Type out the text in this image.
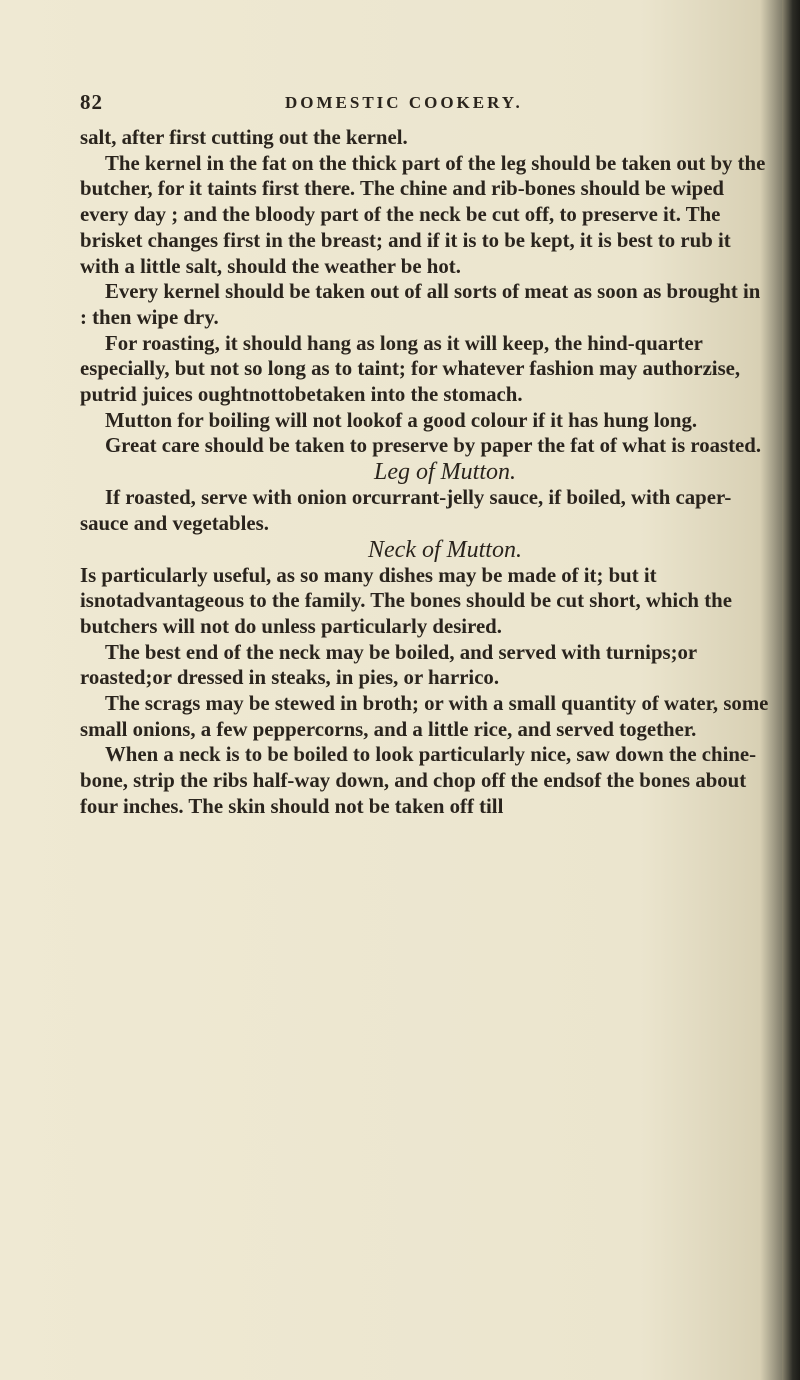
82	DOMESTIC COOKERY.

salt, after first cutting out the kernel.

The kernel in the fat on the thick part of the leg should be taken out by the butcher, for it taints first there. The chine and rib-bones should be wiped every day ; and the bloody part of the neck be cut off, to preserve it. The brisket changes first in the breast; and if it is to be kept, it is best to rub it with a little salt, should the weather be hot.

Every kernel should be taken out of all sorts of meat as soon as brought in : then wipe dry.

For roasting, it should hang as long as it will keep, the hind-quarter especially, but not so long as to taint; for whatever fashion may authorzise, putrid juices oughtnottobetaken into the stomach.

Mutton for boiling will not lookof a good colour if it has hung long.

Great care should be taken to preserve by paper the fat of what is roasted.

Leg of Mutton.

If roasted, serve with onion orcurrant-jelly sauce, if boiled, with caper-sauce and vegetables.

Neck of Mutton.

Is particularly useful, as so many dishes may be made of it; but it isnotadvantageous to the family. The bones should be cut short, which the butchers will not do unless particularly desired.

The best end of the neck may be boiled, and served with turnips;or roasted;or dressed in steaks, in pies, or harrico.

The scrags may be stewed in broth; or with a small quantity of water, some small onions, a few peppercorns, and a little rice, and served together.

When a neck is to be boiled to look particularly nice, saw down the chine-bone, strip the ribs half-way down, and chop off the endsof the bones about four inches. The skin should not be taken off till
